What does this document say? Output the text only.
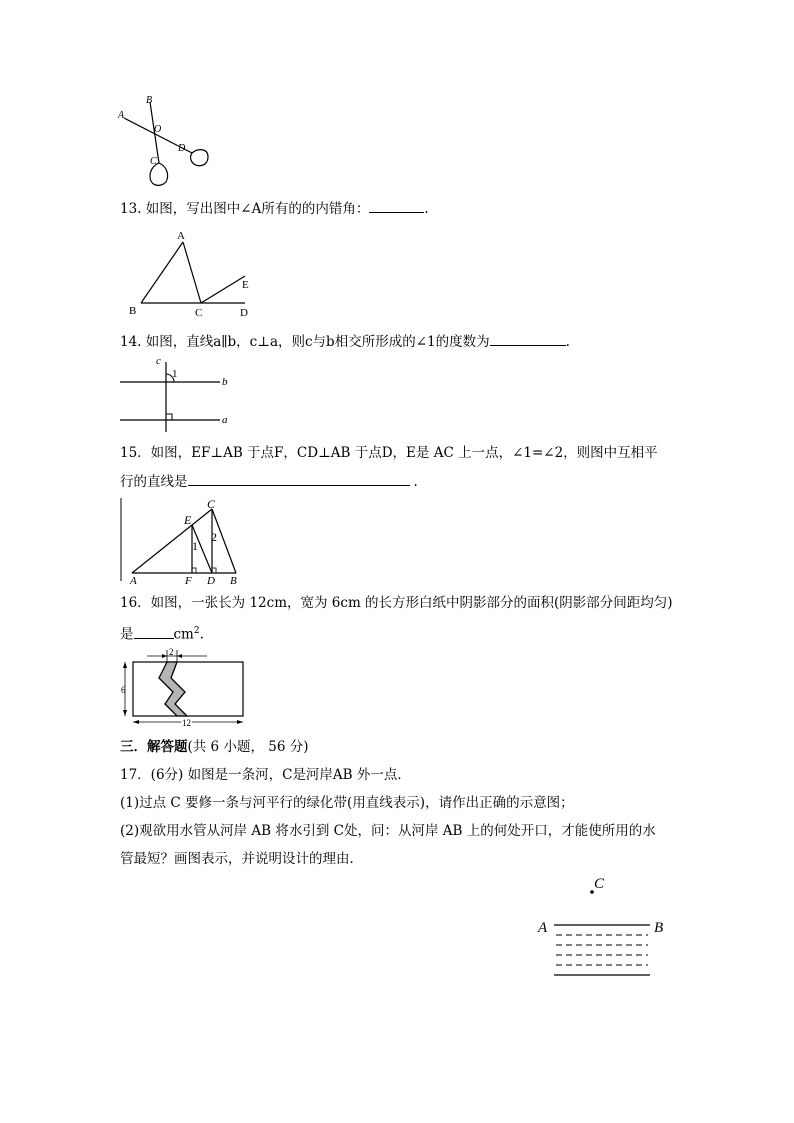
A
B
O
C
D
13. 如图，写出图中∠A所有的的内错角：	.
A
B	C	D
E
14. 如图，直线a∥b，c⊥a，则c与b相交所形成的∠1的度数为	.
c
1
b
a
15．如图，EF⊥AB 于点F，CD⊥AB 于点D，E是 AC 上一点，∠1=∠2，则图中互相平
行的直线是	.
C
E
2
1
A	F D B
16．如图，一张长为 12cm，宽为 6cm 的长方形白纸中阴影部分的面积(阴影部分间距均匀)
是	$cm^2$.
2
6
12
三．解答题(共 6 小题， 56 分)
17．(6分) 如图是一条河，C是河岸AB 外一点．
(1)过点 C 要修一条与河平行的绿化带(用直线表示)，请作出正确的示意图；
(2)观欲用水管从河岸 AB 将水引到 C处，问：从河岸 AB 上的何处开口，才能使所用的水
管最短？画图表示，并说明设计的理由．
C
A	B
